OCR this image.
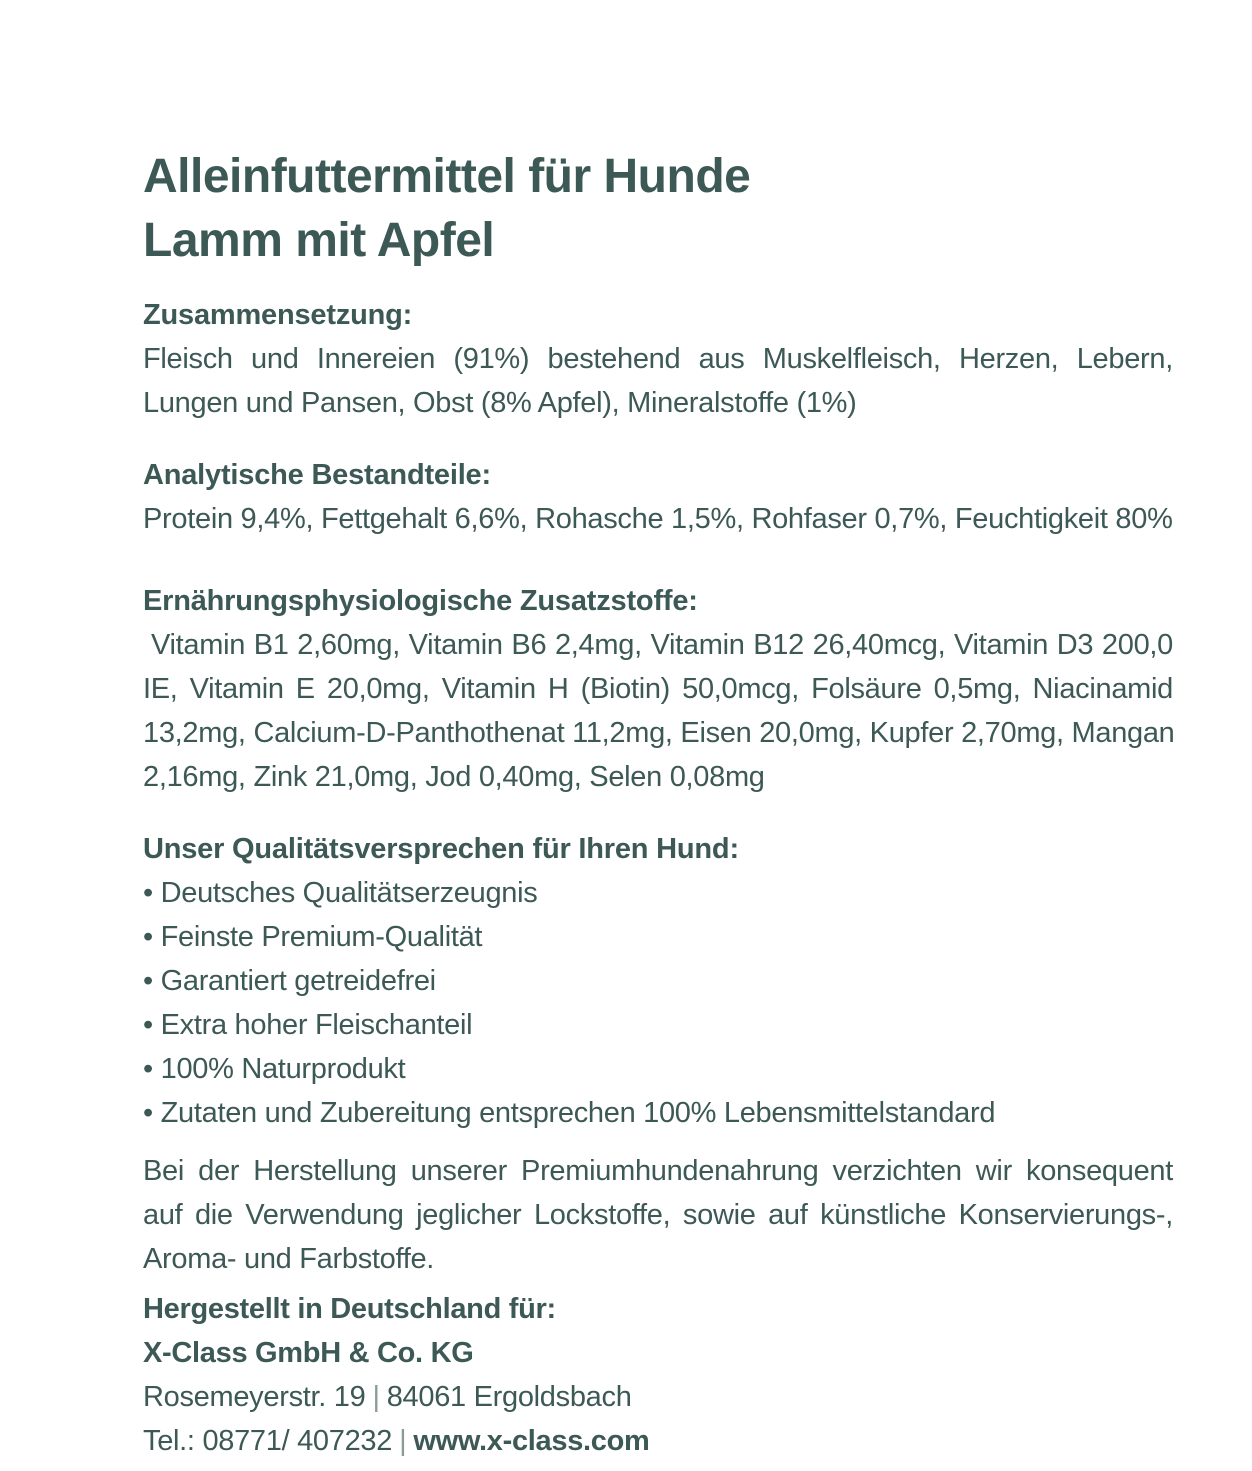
Alleinfuttermittel für Hunde
Lamm mit Apfel
Zusammensetzung:
Fleisch und Innereien (91%) bestehend aus Muskelfleisch, Herzen, Lebern,
Lungen und Pansen, Obst (8% Apfel), Mineralstoffe (1%)
Analytische Bestandteile:
Protein 9,4%, Fettgehalt 6,6%, Rohasche 1,5%, Rohfaser 0,7%, Feuchtigkeit 80%
Ernährungsphysiologische Zusatzstoffe:
Vitamin B1 2,60mg, Vitamin B6 2,4mg, Vitamin B12 26,40mcg, Vitamin D3 200,0
IE, Vitamin E 20,0mg, Vitamin H (Biotin) 50,0mcg, Folsäure 0,5mg, Niacinamid
13,2mg, Calcium-D-Panthothenat 11,2mg, Eisen 20,0mg, Kupfer 2,70mg, Mangan
2,16mg, Zink 21,0mg, Jod 0,40mg, Selen 0,08mg
Unser Qualitätsversprechen für Ihren Hund:
• Deutsches Qualitätserzeugnis
• Feinste Premium-Qualität
• Garantiert getreidefrei
• Extra hoher Fleischanteil
• 100% Naturprodukt
• Zutaten und Zubereitung entsprechen 100% Lebensmittelstandard
Bei der Herstellung unserer Premiumhundenahrung verzichten wir konsequent
auf die Verwendung jeglicher Lockstoffe, sowie auf künstliche Konservierungs-,
Aroma- und Farbstoffe.
Hergestellt in Deutschland für:
X-Class GmbH & Co. KG
Rosemeyerstr. 19 | 84061 Ergoldsbach
Tel.: 08771/ 407232 | www.x-class.com
